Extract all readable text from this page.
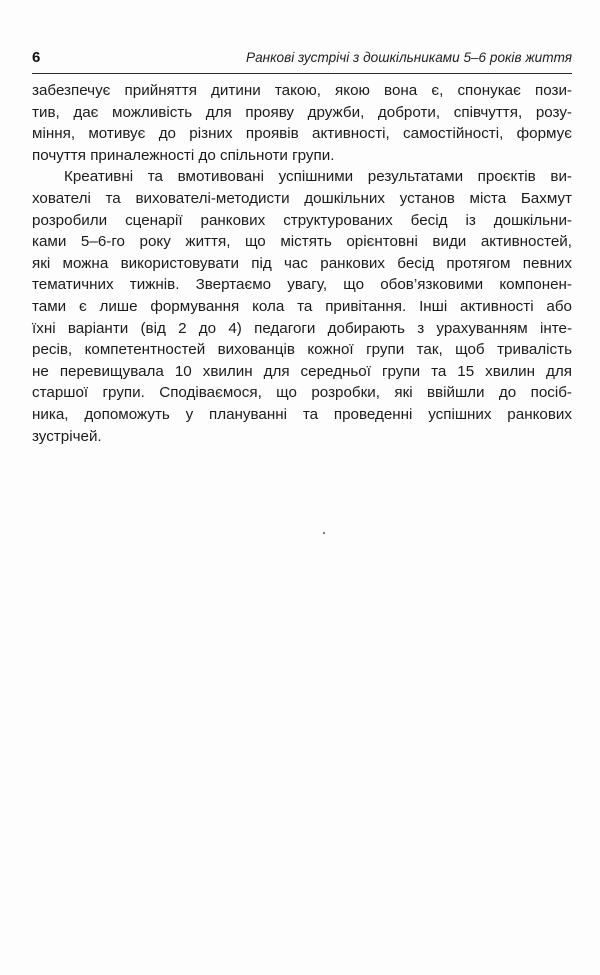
6	Ранкові зустрічі з дошкільниками 5–6 років життя

забезпечує прийняття дитини такою, якою вона є, спонукає пози-
тив, дає можливість для прояву дружби, доброти, співчуття, розу-
міння, мотивує до різних проявів активності, самостійності, формує
почуття приналежності до спільноти групи.

Креативні та вмотивовані успішними результатами проєктів ви-
хователі та вихователі-методисти дошкільних установ міста Бахмут
розробили сценарії ранкових структурованих бесід із дошкільни-
ками 5–6-го року життя, що містять орієнтовні види активностей,
які можна використовувати під час ранкових бесід протягом певних
тематичних тижнів. Звертаємо увагу, що обов’язковими компонен-
тами є лише формування кола та привітання. Інші активності або
їхні варіанти (від 2 до 4) педагоги добирають з урахуванням інте-
ресів, компетентностей вихованців кожної групи так, щоб тривалість
не перевищувала 10 хвилин для середньої групи та 15 хвилин для
старшої групи. Сподіваємося, що розробки, які ввійшли до посіб-
ника, допоможуть у плануванні та проведенні успішних ранкових
зустрічей.
